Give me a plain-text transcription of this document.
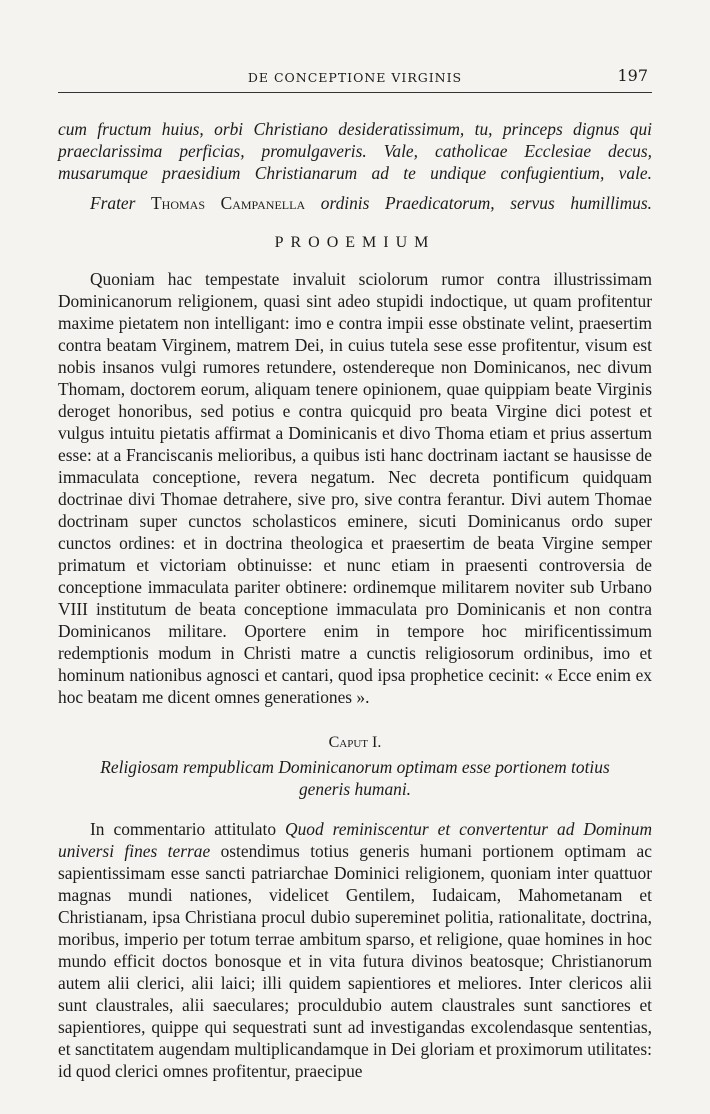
DE CONCEPTIONE VIRGINIS	197

cum fructum huius, orbi Christiano desideratissimum, tu, princeps dignus qui praeclarissima perficias, promulgaveris. Vale, catholicae Ecclesiae decus, musarumque praesidium Christianarum ad te undique confugientium, vale.

Frater Thomas Campanella ordinis Praedicatorum, servus humillimus.

PROOEMIUM

Quoniam hac tempestate invaluit sciolorum rumor contra illustrissimam Dominicanorum religionem, quasi sint adeo stupidi indoctique, ut quam profitentur maxime pietatem non intelligant: imo e contra impii esse obstinate velint, praesertim contra beatam Virginem, matrem Dei, in cuius tutela sese esse profitentur, visum est nobis insanos vulgi rumores retundere, ostendereque non Dominicanos, nec divum Thomam, doctorem eorum, aliquam tenere opinionem, quae quippiam beate Virginis deroget honoribus, sed potius e contra quicquid pro beata Virgine dici potest et vulgus intuitu pietatis affirmat a Dominicanis et divo Thoma etiam et prius assertum esse: at a Franciscanis melioribus, a quibus isti hanc doctrinam iactant se hausisse de immaculata conceptione, revera negatum. Nec decreta pontificum quidquam doctrinae divi Thomae detrahere, sive pro, sive contra ferantur. Divi autem Thomae doctrinam super cunctos scholasticos eminere, sicuti Dominicanus ordo super cunctos ordines: et in doctrina theologica et praesertim de beata Virgine semper primatum et victoriam obtinuisse: et nunc etiam in praesenti controversia de conceptione immaculata pariter obtinere: ordinemque militarem noviter sub Urbano VIII institutum de beata conceptione immaculata pro Dominicanis et non contra Dominicanos militare. Oportere enim in tempore hoc mirificentissimum redemptionis modum in Christi matre a cunctis religiosorum ordinibus, imo et hominum nationibus agnosci et cantari, quod ipsa prophetice cecinit: « Ecce enim ex hoc beatam me dicent omnes generationes ».

Caput I.
Religiosam rempublicam Dominicanorum optimam esse portionem totius
generis humani.

In commentario attitulato Quod reminiscentur et convertentur ad Dominum universi fines terrae ostendimus totius generis humani portionem optimam ac sapientissimam esse sancti patriarchae Dominici religionem, quoniam inter quattuor magnas mundi nationes, videlicet Gentilem, Iudaicam, Mahometanam et Christianam, ipsa Christiana procul dubio supereminet politia, rationalitate, doctrina, moribus, imperio per totum terrae ambitum sparso, et religione, quae homines in hoc mundo efficit doctos bonosque et in vita futura divinos beatosque; Christianorum autem alii clerici, alii laici; illi quidem sapientiores et meliores. Inter clericos alii sunt claustrales, alii saeculares; proculdubio autem claustrales sunt sanctiores et sapientiores, quippe qui sequestrati sunt ad investigandas excolendasque sententias, et sanctitatem augendam multiplicandamque in Dei gloriam et proximorum utilitates: id quod clerici omnes profitentur, praecipue
